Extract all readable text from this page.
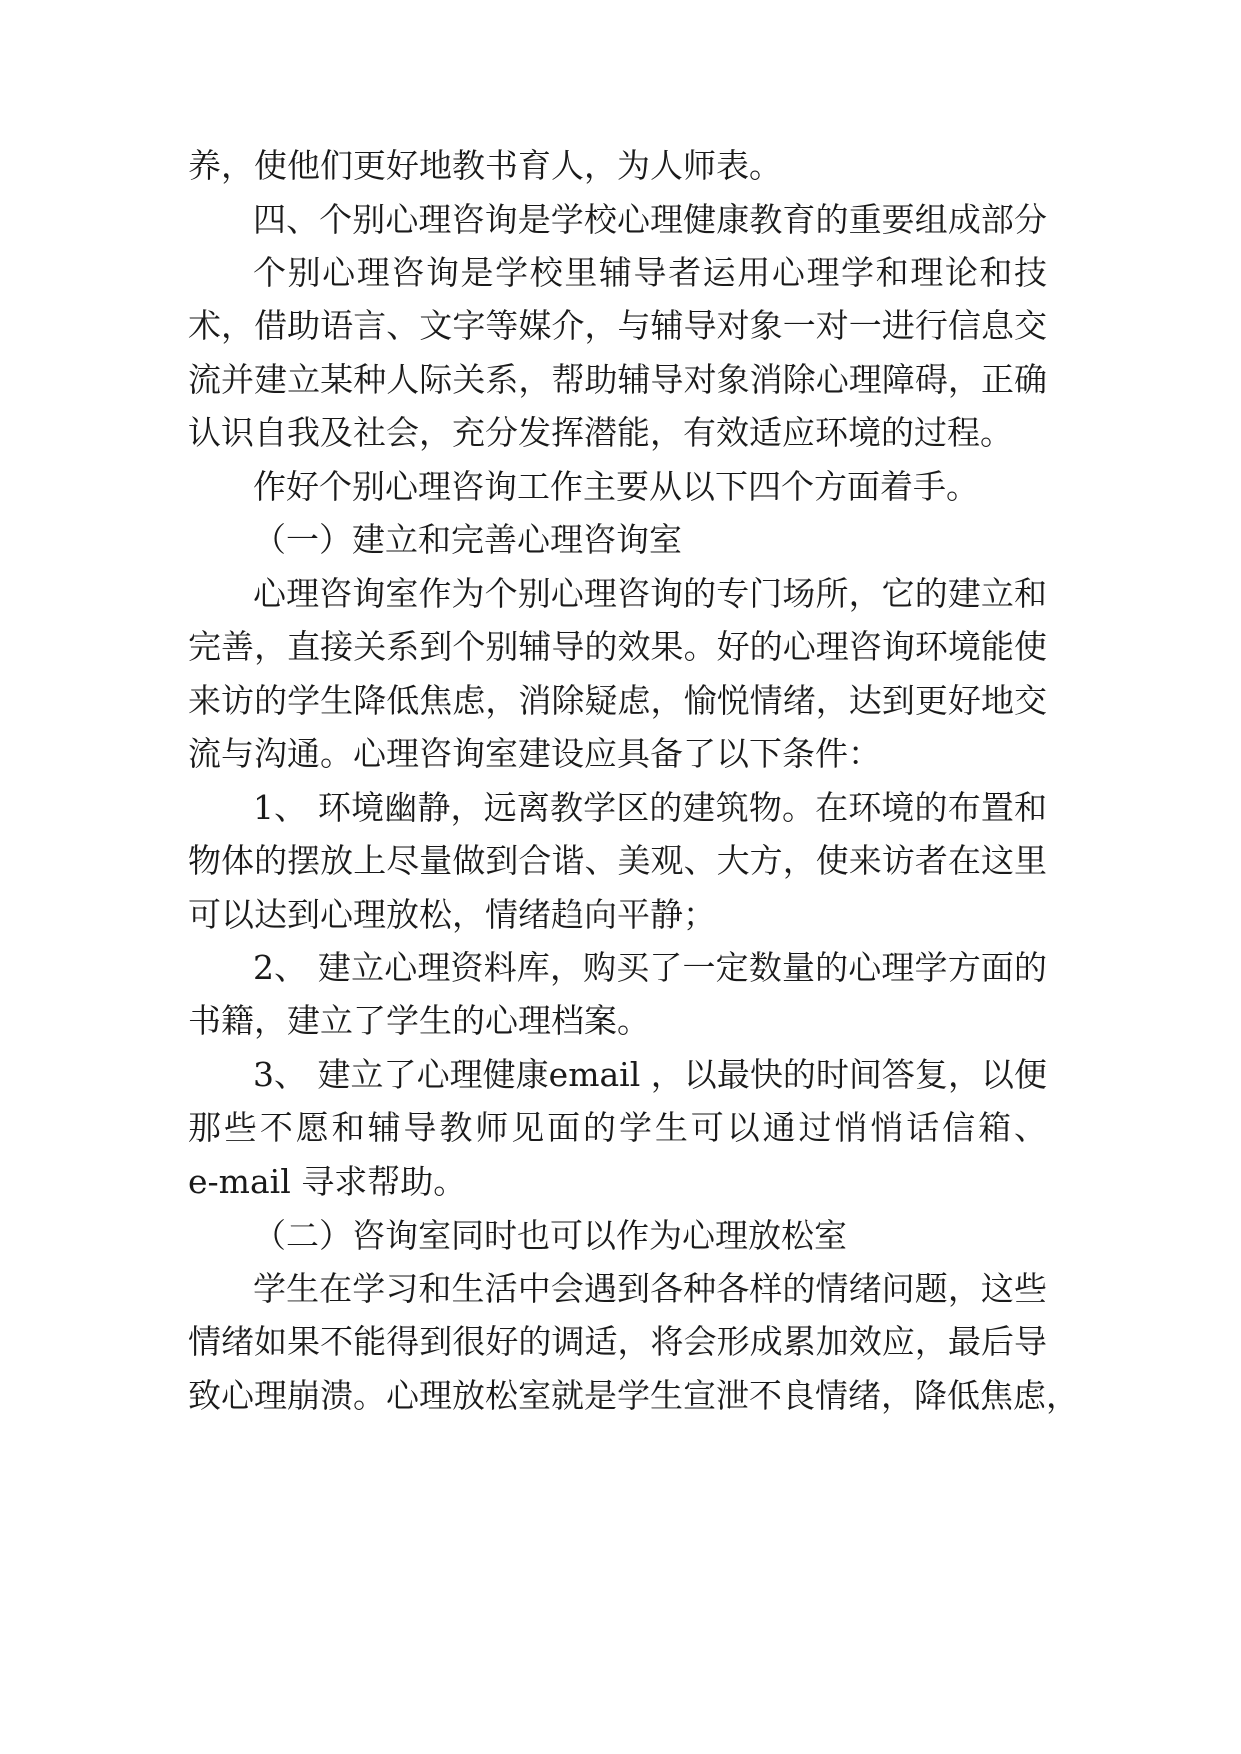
养，使他们更好地教书育人，为人师表。
四、个别心理咨询是学校心理健康教育的重要组成部分
个别心理咨询是学校里辅导者运用心理学和理论和技
术，借助语言、文字等媒介，与辅导对象一对一进行信息交
流并建立某种人际关系，帮助辅导对象消除心理障碍，正确
认识自我及社会，充分发挥潜能，有效适应环境的过程。
作好个别心理咨询工作主要从以下四个方面着手。
（一）建立和完善心理咨询室
心理咨询室作为个别心理咨询的专门场所，它的建立和
完善，直接关系到个别辅导的效果。好的心理咨询环境能使
来访的学生降低焦虑，消除疑虑，愉悦情绪，达到更好地交
流与沟通。心理咨询室建设应具备了以下条件：
1、 环境幽静，远离教学区的建筑物。在环境的布置和
物体的摆放上尽量做到合谐、美观、大方，使来访者在这里
可以达到心理放松，情绪趋向平静；
2、 建立心理资料库，购买了一定数量的心理学方面的
书籍，建立了学生的心理档案。
3、 建立了心理健康email ，以最快的时间答复，以便
那些不愿和辅导教师见面的学生可以通过悄悄话信箱、
e-mail 寻求帮助。
（二）咨询室同时也可以作为心理放松室
学生在学习和生活中会遇到各种各样的情绪问题，这些
情绪如果不能得到很好的调适，将会形成累加效应，最后导
致心理崩溃。心理放松室就是学生宣泄不良情绪，降低焦虑，
